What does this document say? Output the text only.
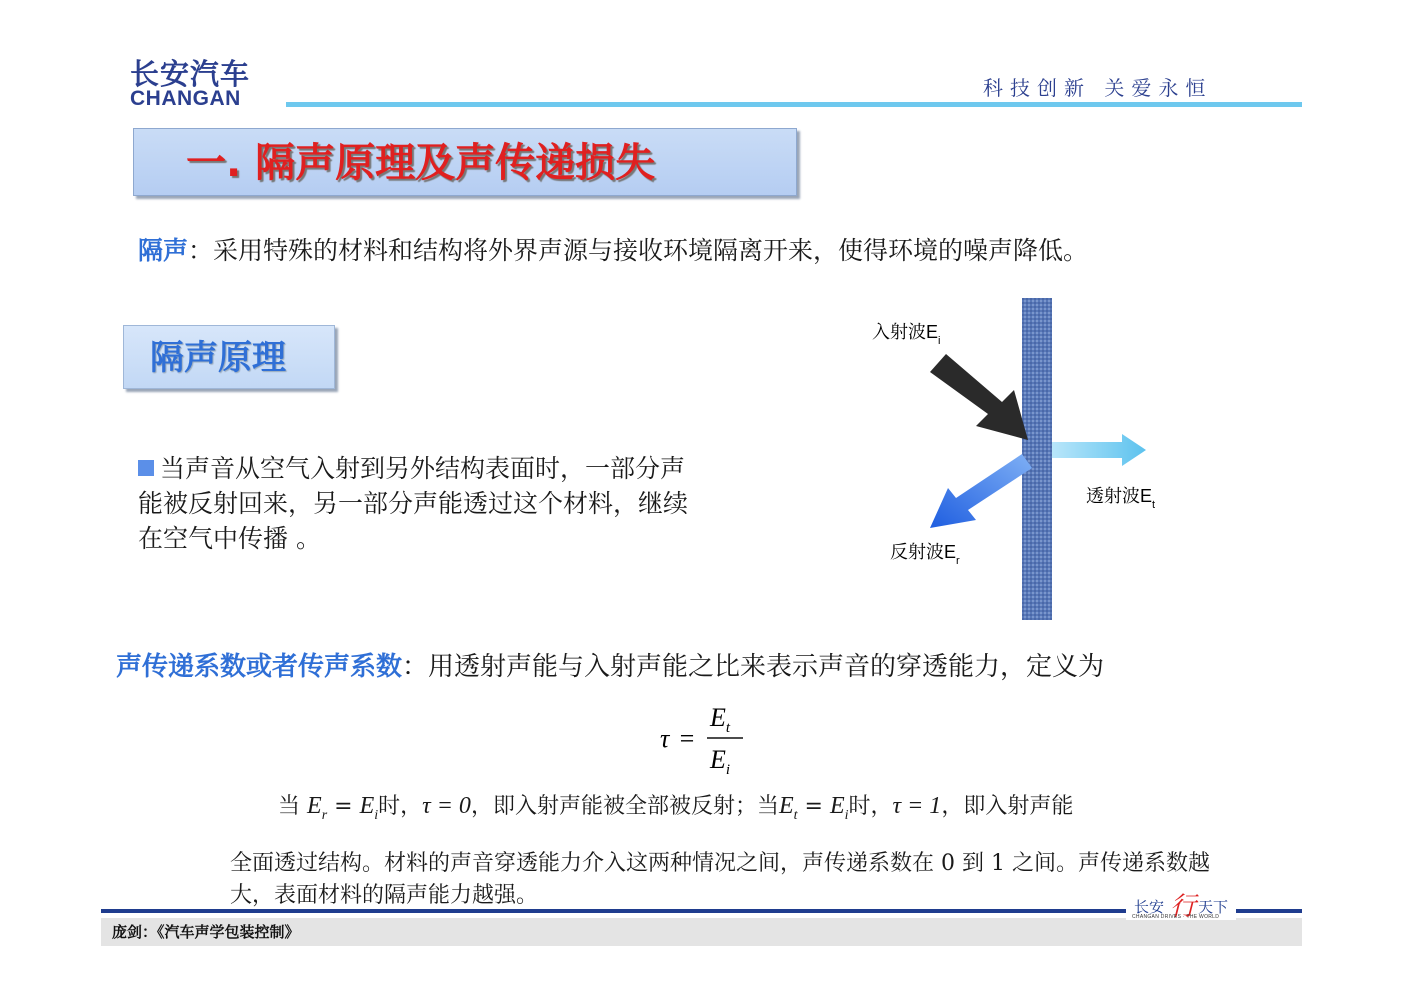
长安汽车
CHANGAN	科技创新 关爱永恒
一. 隔声原理及声传递损失
隔声：采用特殊的材料和结构将外界声源与接收环境隔离开来，使得环境的噪声降低。
隔声原理
当声音从空气入射到另外结构表面时，一部分声能被反射回来，另一部分声能透过这个材料，继续在空气中传播 。
入射波$E_i$
透射波$E_t$
反射波$E_r$
声传递系数或者传声系数：用透射声能与入射声能之比来表示声音的穿透能力，定义为
τ =
$E_t$
$E_i$
当 $E_r = E_i$时，τ = 0，即入射声能被全部被反射；当$E_t = E_i$时，τ = 1，即入射声能
全面透过结构。材料的声音穿透能力介入这两种情况之间，声传递系数在 0 到 1 之间。声传递系数越大，表面材料的隔声能力越强。
庞剑：《汽车声学包装控制》
长安 行 天下
CHANGAN DRIVES · THE WORLD
